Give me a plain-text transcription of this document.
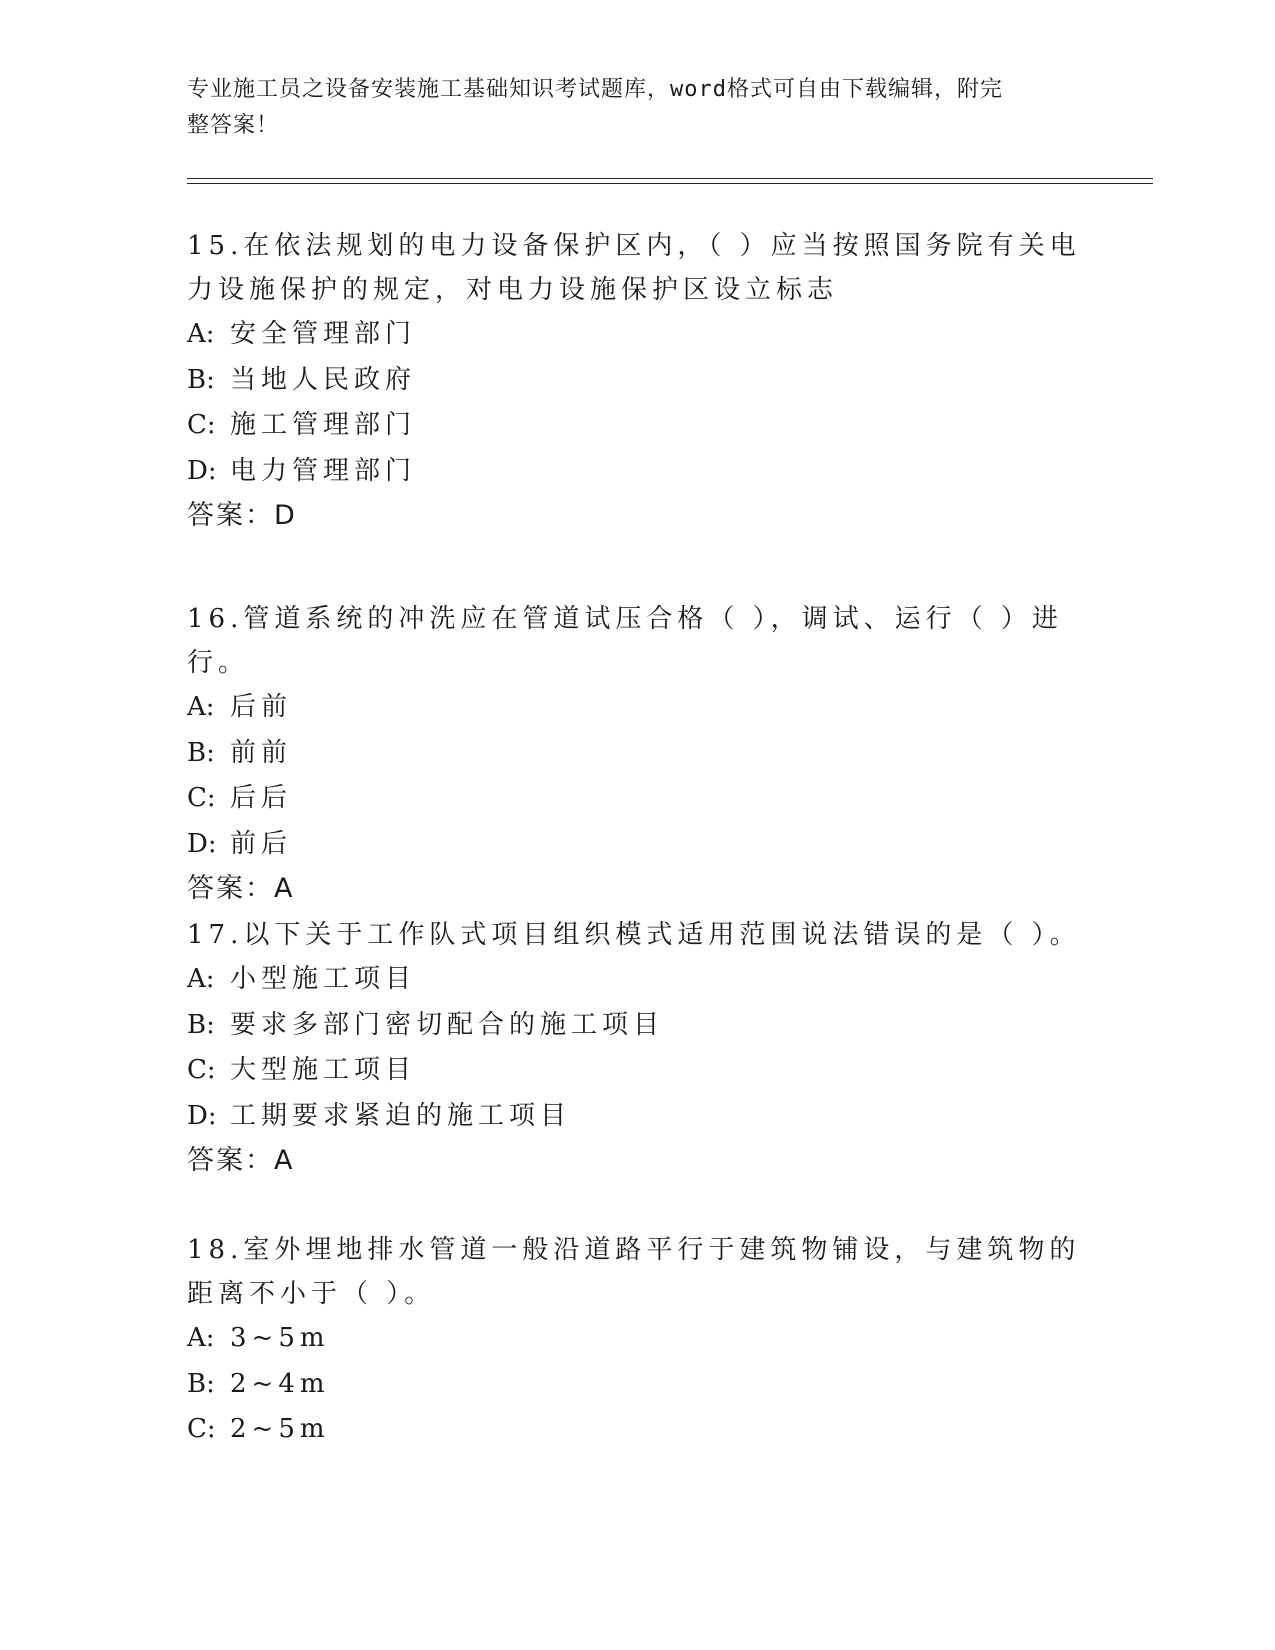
专业施工员之设备安装施工基础知识考试题库，word格式可自由下载编辑，附完
整答案！

15.在依法规划的电力设备保护区内，（ ）应当按照国务院有关电力设施保护的规定，对电力设施保护区设立标志

A: 安全管理部门

B: 当地人民政府

C: 施工管理部门

D: 电力管理部门

答案：D

16.管道系统的冲洗应在管道试压合格（ ），调试、运行（ ）进行。

A: 后前

B: 前前

C: 后后

D: 前后

答案：A

17.以下关于工作队式项目组织模式适用范围说法错误的是（ ）。

A: 小型施工项目

B: 要求多部门密切配合的施工项目

C: 大型施工项目

D: 工期要求紧迫的施工项目

答案：A

18.室外埋地排水管道一般沿道路平行于建筑物铺设，与建筑物的距离不小于（ ）。

A: 3~5m

B: 2~4m

C: 2~5m
